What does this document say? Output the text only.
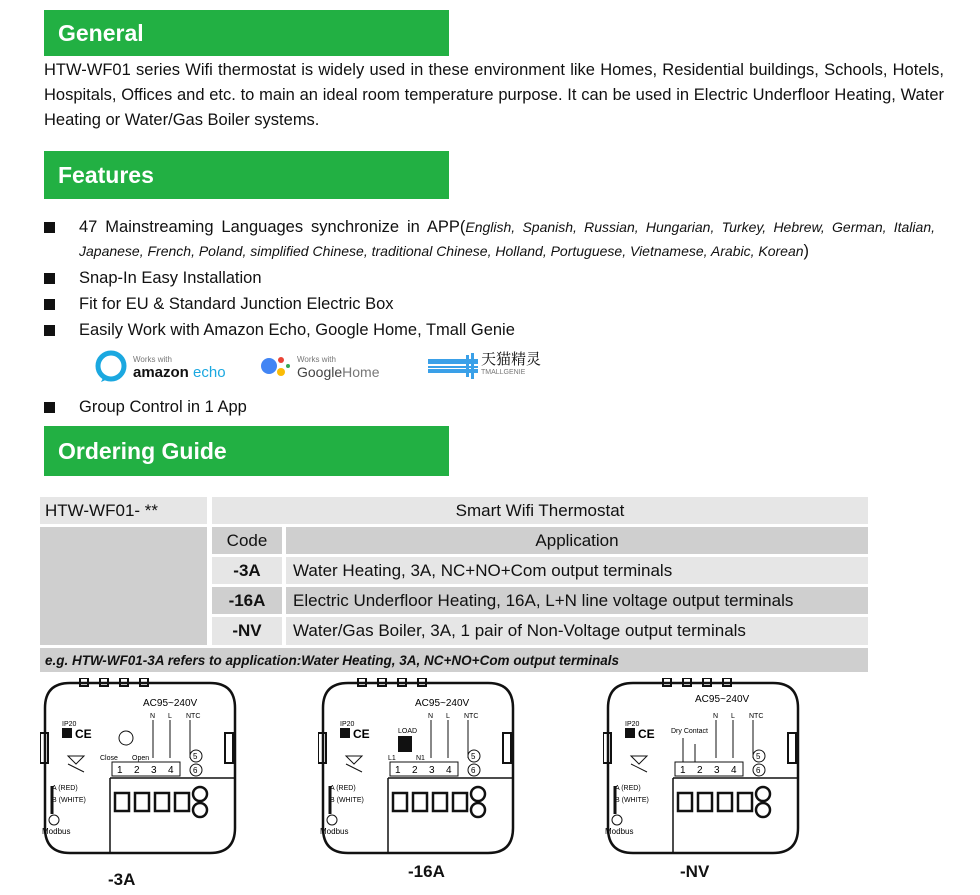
General
HTW-WF01 series Wifi thermostat is widely used in these environment like Homes, Residential buildings, Schools, Hotels, Hospitals, Offices and etc. to main an ideal room temperature purpose. It can be used in Electric Underfloor Heating, Water Heating or Water/Gas Boiler systems.
Features
47 Mainstreaming Languages synchronize in APP(English, Spanish, Russian, Hungarian, Turkey, Hebrew, German, Italian, Japanese, French, Poland, simplified Chinese, traditional Chinese, Holland, Portuguese, Vietnamese, Arabic, Korean)
Snap-In Easy Installation
Fit for EU & Standard Junction Electric Box
Easily Work with Amazon Echo, Google Home, Tmall Genie
Works with
amazon echo
Works with
GoogleHome
天猫精灵
TMALLGENIE
Group Control in 1 App
Ordering Guide
HTW-WF01- **	Smart Wifi Thermostat
Code	Application
-3A	Water Heating, 3A, NC+NO+Com output terminals
-16A	Electric Underfloor Heating, 16A, L+N line voltage output terminals
-NV	Water/Gas Boiler, 3A, 1 pair of Non-Voltage output terminals
e.g. HTW-WF01-3A refers to application:Water Heating, 3A, NC+NO+Com output terminals
AC95~240V
IP20
CE
N L NTC
Close Open
1 2 3 4
5
6
A (RED)
B (WHITE)
Modbus
AC95~240V
IP20
CE
N L NTC
LOAD
L1	N1
1 2 3 4
5
6
A (RED)
B (WHITE)
Modbus
AC95~240V
IP20
CE
N L NTC
Dry Contact
1 2 3 4
5
6
A (RED)
B (WHITE)
Modbus
-3A	-16A	-NV
